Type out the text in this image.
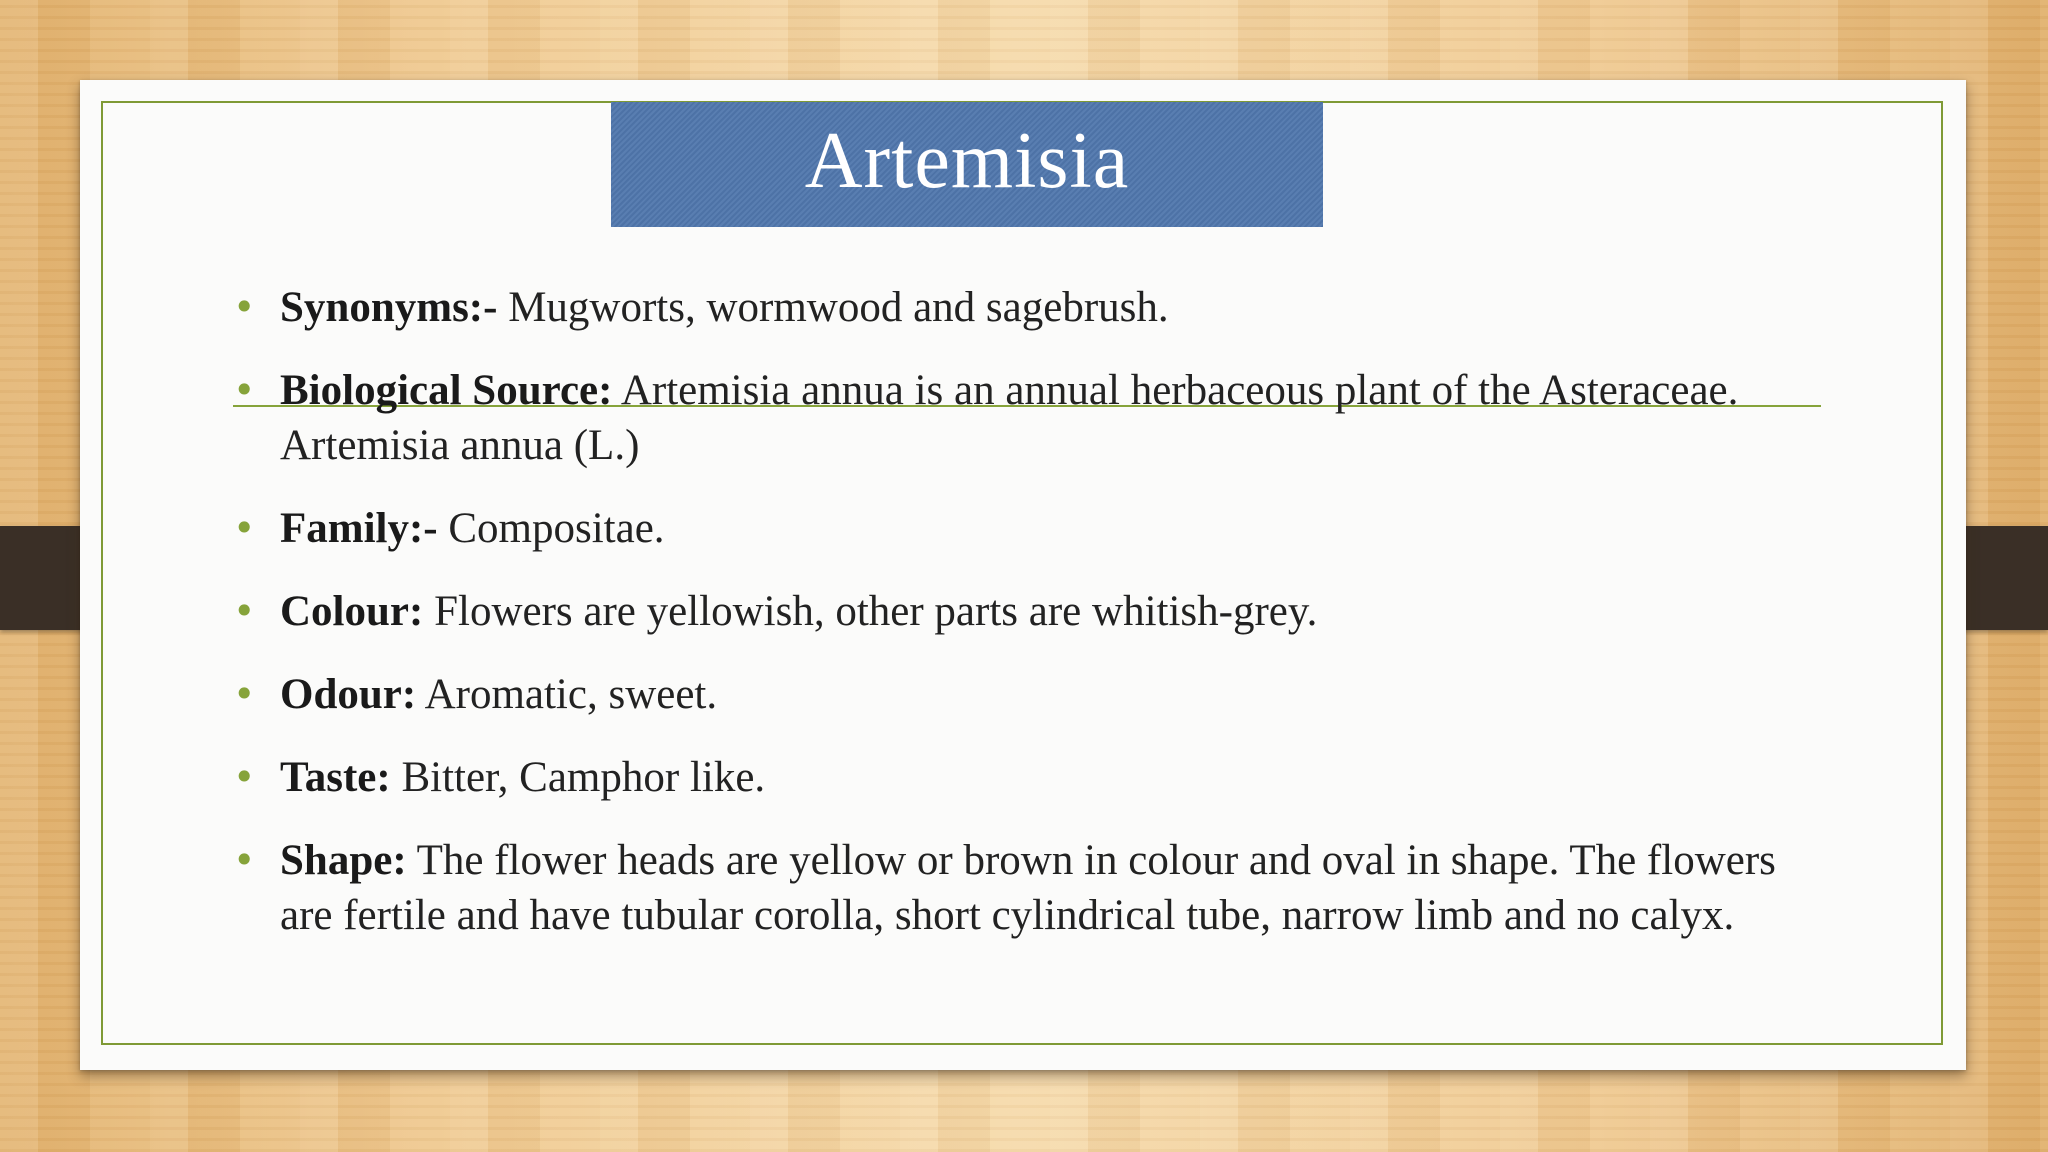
Artemisia
• Synonyms:- Mugworts, wormwood and sagebrush.
• Biological Source: Artemisia annua is an annual herbaceous plant of the Asteraceae.
Artemisia annua (L.)
• Family:- Compositae.
• Colour: Flowers are yellowish, other parts are whitish-grey.
• Odour: Aromatic, sweet.
• Taste: Bitter, Camphor like.
• Shape: The flower heads are yellow or brown in colour and oval in shape. The flowers
are fertile and have tubular corolla, short cylindrical tube, narrow limb and no calyx.
